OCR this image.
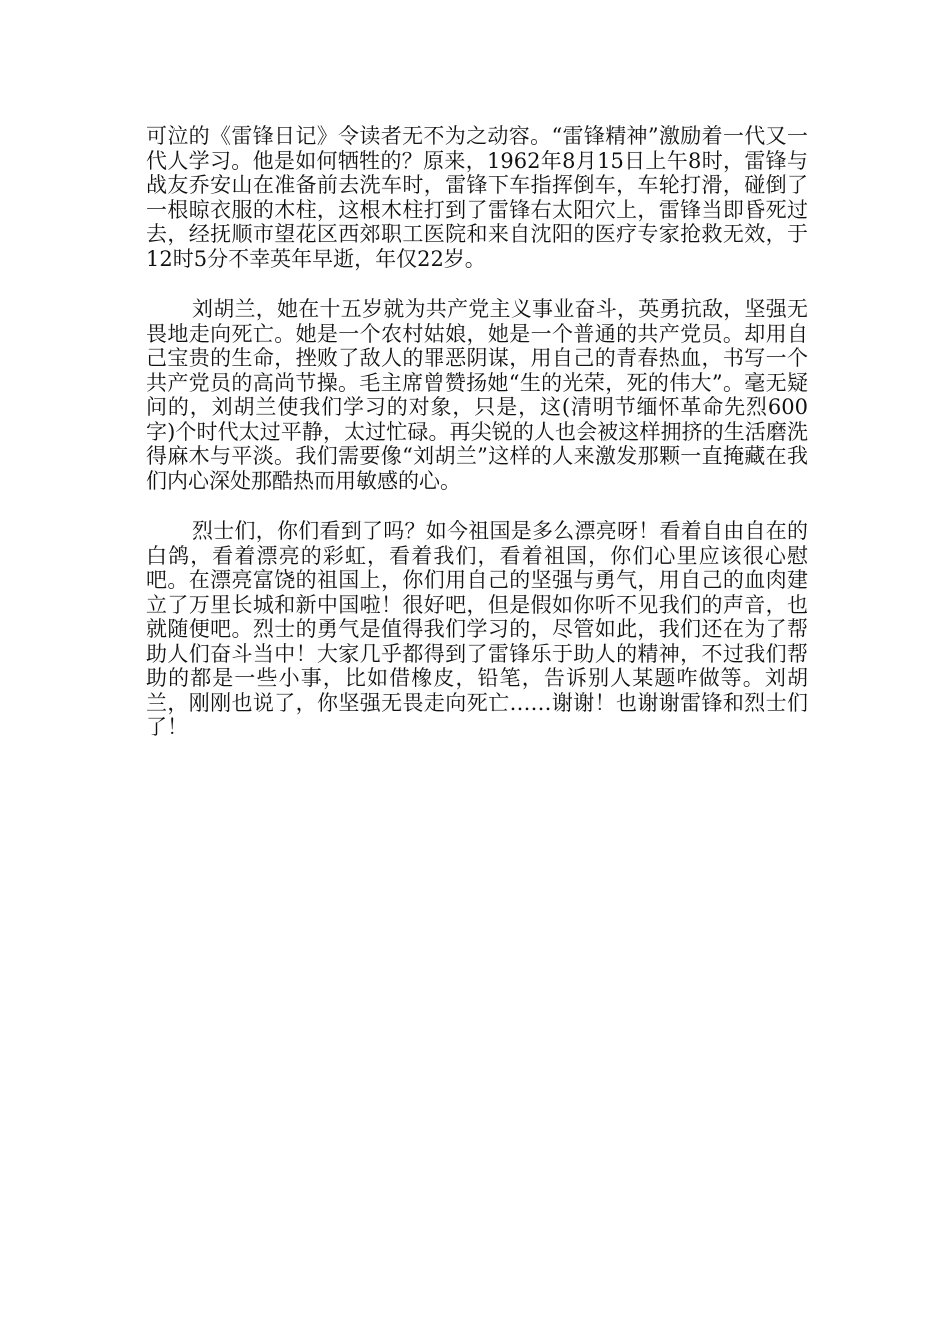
可泣的《雷锋日记》令读者无不为之动容。“雷锋精神”激励着一代又一代人学习。他是如何牺牲的？原来，1962年8月15日上午8时，雷锋与战友乔安山在准备前去洗车时，雷锋下车指挥倒车，车轮打滑，碰倒了一根晾衣服的木柱，这根木柱打到了雷锋右太阳穴上，雷锋当即昏死过去，经抚顺市望花区西郊职工医院和来自沈阳的医疗专家抢救无效，于12时5分不幸英年早逝，年仅22岁。

刘胡兰，她在十五岁就为共产党主义事业奋斗，英勇抗敌，坚强无畏地走向死亡。她是一个农村姑娘，她是一个普通的共产党员。却用自己宝贵的生命，挫败了敌人的罪恶阴谋，用自己的青春热血，书写一个共产党员的高尚节操。毛主席曾赞扬她“生的光荣，死的伟大”。毫无疑问的，刘胡兰使我们学习的对象，只是，这(清明节缅怀革命先烈600字)个时代太过平静，太过忙碌。再尖锐的人也会被这样拥挤的生活磨洗得麻木与平淡。我们需要像“刘胡兰”这样的人来激发那颗一直掩藏在我们内心深处那酷热而用敏感的心。

烈士们，你们看到了吗？如今祖国是多么漂亮呀！看着自由自在的白鸽，看着漂亮的彩虹，看着我们，看着祖国，你们心里应该很心慰吧。在漂亮富饶的祖国上，你们用自己的坚强与勇气，用自己的血肉建立了万里长城和新中国啦！很好吧，但是假如你听不见我们的声音，也就随便吧。烈士的勇气是值得我们学习的，尽管如此，我们还在为了帮助人们奋斗当中！大家几乎都得到了雷锋乐于助人的精神，不过我们帮助的都是一些小事，比如借橡皮，铅笔，告诉别人某题咋做等。刘胡兰，刚刚也说了，你坚强无畏走向死亡……谢谢！也谢谢雷锋和烈士们了！
